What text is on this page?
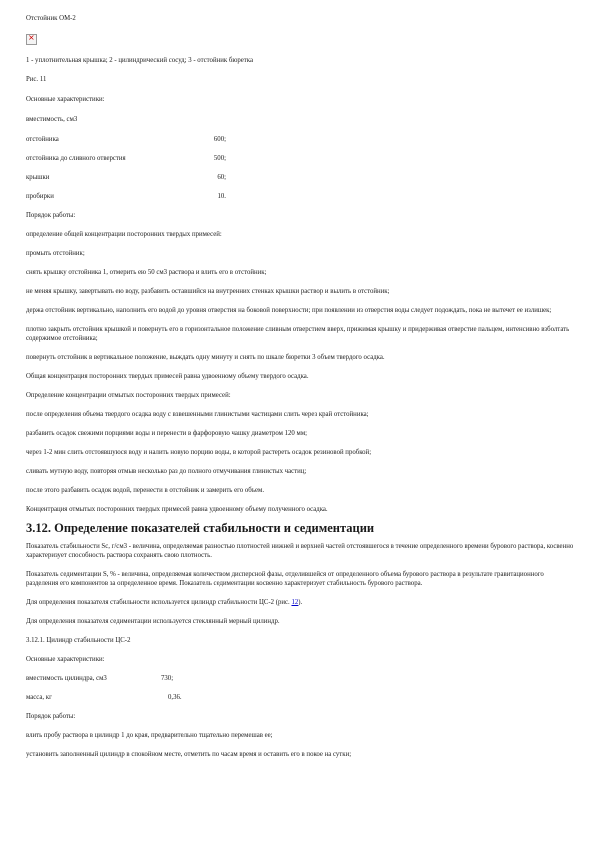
Отстойник ОМ-2

×

1 - уплотнительная крышка; 2 - цилиндрический сосуд; 3 - отстойник бюретка

Рис. 11

Основные характеристики:

вместимость, см3

отстойника	600;
отстойника до сливного отверстия	500;
крышки	60;
пробирки	10.

Порядок работы:

определение общей концентрации посторонних твердых примесей:

промыть отстойник;

снять крышку отстойника 1, отмерить ею 50 см3 раствора и влить его в отстойник;

не меняя крышку, завертывать ею воду, разбавить оставшийся на внутренних стенках крышки раствор и вылить в отстойник;

держа отстойник вертикально, наполнить его водой до уровня отверстия на боковой поверхности; при появлении из отверстия воды следует подождать, пока не вытечет ее излишек;

плотно закрыть отстойник крышкой и повернуть его в горизонтальное положение сливным отверстием вверх, прижимая крышку и придерживая отверстие пальцем, интенсивно взболтать содержимое отстойника;

повернуть отстойник в вертикальное положение, выждать одну минуту и снять по шкале бюретки 3 объем твердого осадка.

Общая концентрация посторонних твердых примесей равна удвоенному объему твердого осадка.

Определение концентрации отмытых посторонних твердых примесей:

после определения объема твердого осадка воду с взвешенными глинистыми частицами слить через край отстойника;

разбавить осадок свежими порциями воды и перенести в фарфоровую чашку диаметром 120 мм;

через 1-2 мин слить отстоявшуюся воду и налить новую порцию воды, в которой растереть осадок резиновой пробкой;

сливать мутную воду, повторяя отмыв несколько раз до полного отмучивания глинистых частиц;

после этого разбавить осадок водой, перенести в отстойник и замерить его объем.

Концентрация отмытых посторонних твердых примесей равна удвоенному объему полученного осадка.

3.12. Определение показателей стабильности и седиментации

Показатель стабильности Sc, г/см3 - величина, определяемая разностью плотностей нижней и верхней частей отстоявшегося в течение определенного времени бурового раствора, косвенно характеризует способность раствора сохранять свою плотность.

Показатель седиментации S, % - величина, определяемая количеством дисперсной фазы, отделившейся от определенного объема бурового раствора в результате гравитационного разделения его компонентов за определенное время. Показатель седиментации косвенно характеризует стабильность бурового раствора.

Для определения показателя стабильности используется цилиндр стабильности ЦС-2 (рис. 12).

Для определения показателя седиментации используется стеклянный мерный цилиндр.

3.12.1. Цилиндр стабильности ЦС-2

Основные характеристики:

вместимость цилиндра, см3	730;
масса, кг	0,36.

Порядок работы:

влить пробу раствора в цилиндр 1 до края, предварительно тщательно перемешав ее;

установить заполненный цилиндр в спокойном месте, отметить по часам время и оставить его в покое на сутки;
